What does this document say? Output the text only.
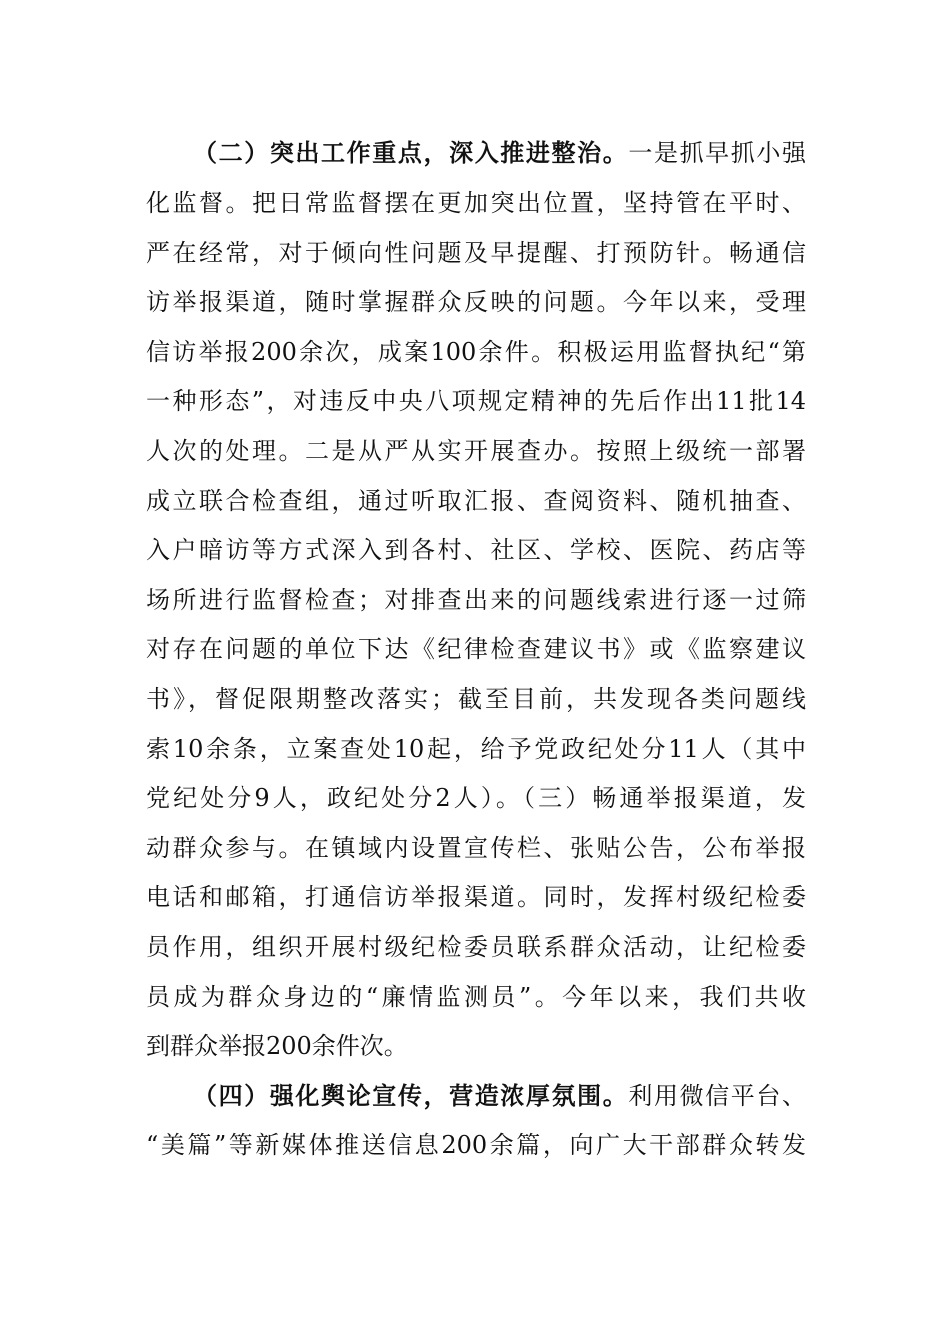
（二）突出工作重点，深入推进整治。一是抓早抓小强
化监督。把日常监督摆在更加突出位置，坚持管在平时、
严在经常，对于倾向性问题及早提醒、打预防针。畅通信
访举报渠道，随时掌握群众反映的问题。今年以来，受理
信访举报200余次，成案100余件。积极运用监督执纪“第
一种形态”，对违反中央八项规定精神的先后作出11批14
人次的处理。二是从严从实开展查办。按照上级统一部署
成立联合检查组，通过听取汇报、查阅资料、随机抽查、
入户暗访等方式深入到各村、社区、学校、医院、药店等
场所进行监督检查；对排查出来的问题线索进行逐一过筛
对存在问题的单位下达《纪律检查建议书》或《监察建议
书》，督促限期整改落实；截至目前，共发现各类问题线
索10余条，立案查处10起，给予党政纪处分11人（其中
党纪处分9人，政纪处分2人）。（三）畅通举报渠道，发
动群众参与。在镇域内设置宣传栏、张贴公告，公布举报
电话和邮箱，打通信访举报渠道。同时，发挥村级纪检委
员作用，组织开展村级纪检委员联系群众活动，让纪检委
员成为群众身边的“廉情监测员”。今年以来，我们共收
到群众举报200余件次。
（四）强化舆论宣传，营造浓厚氛围。利用微信平台、
“美篇”等新媒体推送信息200余篇，向广大干部群众转发
